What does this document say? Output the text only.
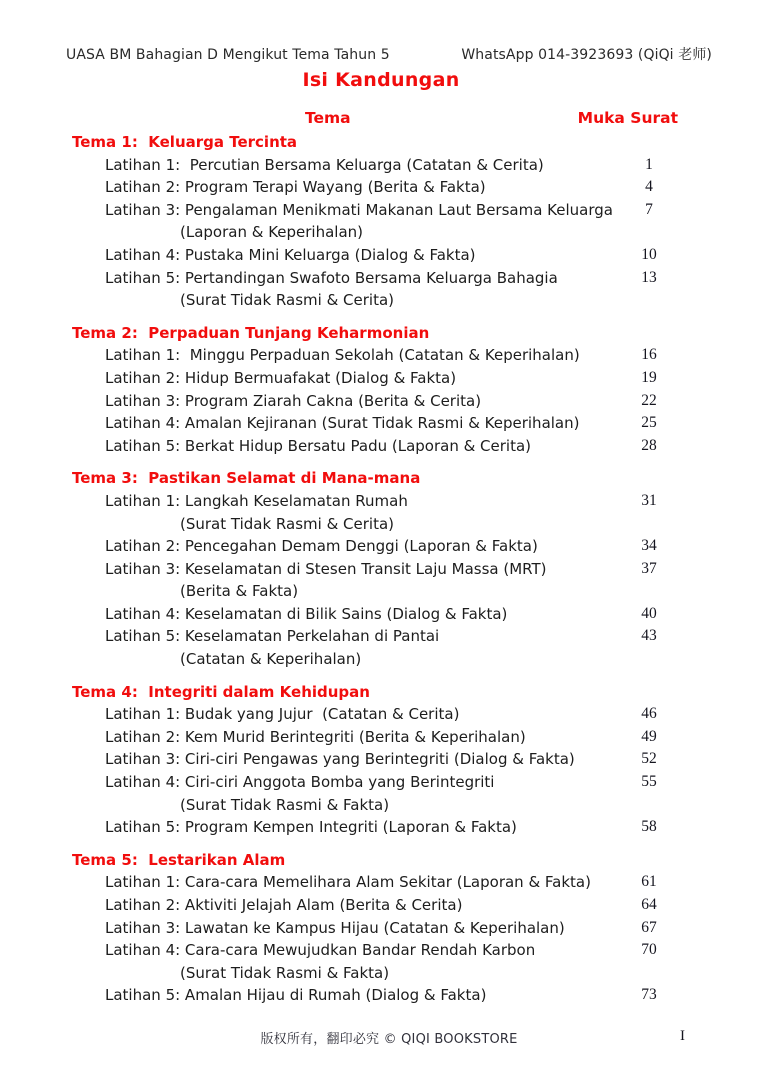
UASA BM Bahagian D Mengikut Tema Tahun 5	WhatsApp 014-3923693 (QiQi 老师)
Isi Kandungan
Tema	Muka Surat
Tema 1:  Keluarga Tercinta
Latihan 1:  Percutian Bersama Keluarga (Catatan & Cerita)	1
Latihan 2: Program Terapi Wayang (Berita & Fakta)	4
Latihan 3: Pengalaman Menikmati Makanan Laut Bersama Keluarga	7
(Laporan & Keperihalan)
Latihan 4: Pustaka Mini Keluarga (Dialog & Fakta)	10
Latihan 5: Pertandingan Swafoto Bersama Keluarga Bahagia	13
(Surat Tidak Rasmi & Cerita)
Tema 2:  Perpaduan Tunjang Keharmonian
Latihan 1:  Minggu Perpaduan Sekolah (Catatan & Keperihalan)	16
Latihan 2: Hidup Bermuafakat (Dialog & Fakta)	19
Latihan 3: Program Ziarah Cakna (Berita & Cerita)	22
Latihan 4: Amalan Kejiranan (Surat Tidak Rasmi & Keperihalan)	25
Latihan 5: Berkat Hidup Bersatu Padu (Laporan & Cerita)	28
Tema 3:  Pastikan Selamat di Mana-mana
Latihan 1: Langkah Keselamatan Rumah	31
(Surat Tidak Rasmi & Cerita)
Latihan 2: Pencegahan Demam Denggi (Laporan & Fakta)	34
Latihan 3: Keselamatan di Stesen Transit Laju Massa (MRT)	37
(Berita & Fakta)
Latihan 4: Keselamatan di Bilik Sains (Dialog & Fakta)	40
Latihan 5: Keselamatan Perkelahan di Pantai	43
(Catatan & Keperihalan)
Tema 4:  Integriti dalam Kehidupan
Latihan 1: Budak yang Jujur  (Catatan & Cerita)	46
Latihan 2: Kem Murid Berintegriti (Berita & Keperihalan)	49
Latihan 3: Ciri-ciri Pengawas yang Berintegriti (Dialog & Fakta)	52
Latihan 4: Ciri-ciri Anggota Bomba yang Berintegriti	55
(Surat Tidak Rasmi & Fakta)
Latihan 5: Program Kempen Integriti (Laporan & Fakta)	58
Tema 5:  Lestarikan Alam
Latihan 1: Cara-cara Memelihara Alam Sekitar (Laporan & Fakta)	61
Latihan 2: Aktiviti Jelajah Alam (Berita & Cerita)	64
Latihan 3: Lawatan ke Kampus Hijau (Catatan & Keperihalan)	67
Latihan 4: Cara-cara Mewujudkan Bandar Rendah Karbon	70
(Surat Tidak Rasmi & Fakta)
Latihan 5: Amalan Hijau di Rumah (Dialog & Fakta)	73
版权所有，翻印必究 © QIQI BOOKSTORE	I
